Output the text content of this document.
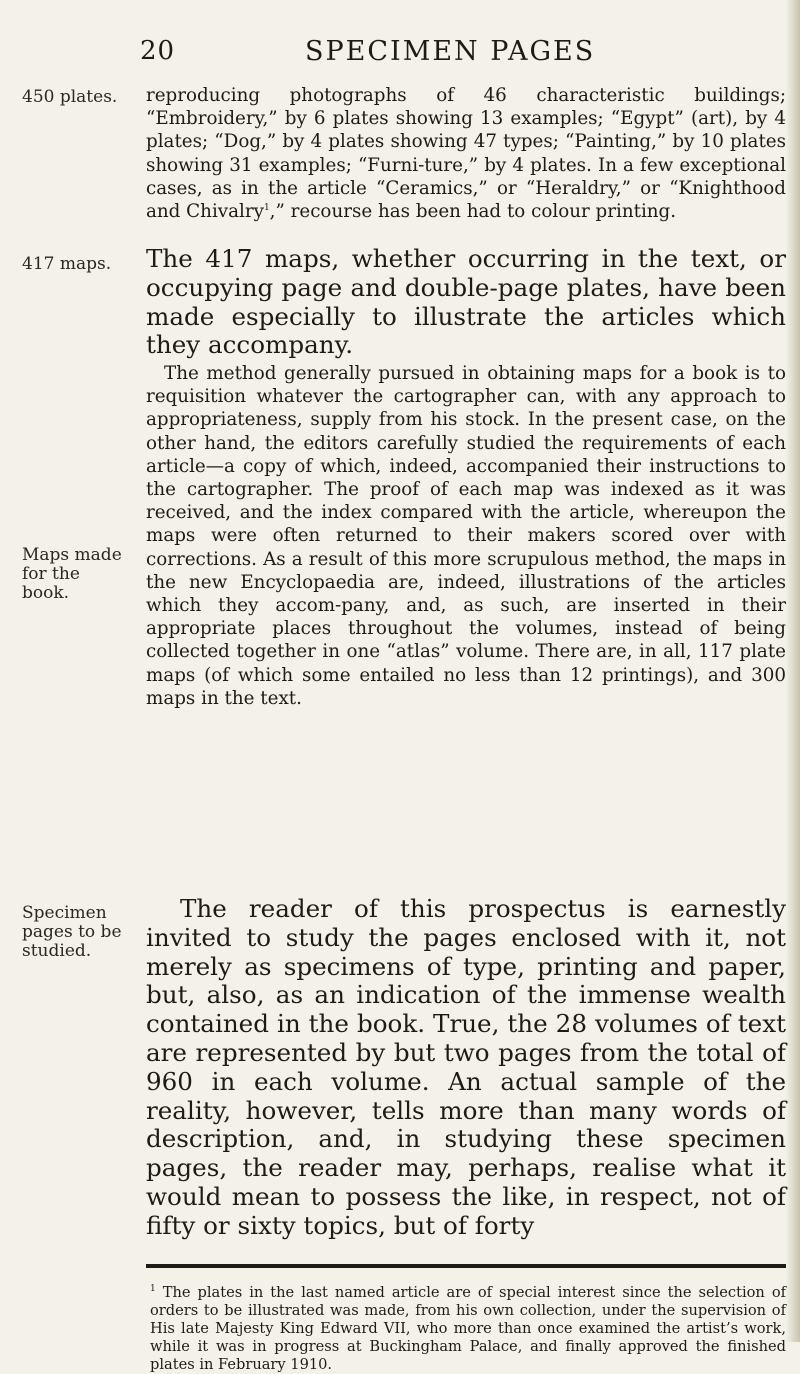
20	SPECIMEN PAGES
450 plates.
417 maps.
Maps made for the book.
Specimen pages to be studied.
reproducing photographs of 46 characteristic buildings; “Embroidery,” by 6 plates showing 13 examples; “Egypt” (art), by 4 plates; “Dog,” by 4 plates showing 47 types; “Painting,” by 10 plates showing 31 examples; “Furni-ture,” by 4 plates. In a few exceptional cases, as in the article “Ceramics,” or “Heraldry,” or “Knighthood and Chivalry$^1$,” recourse has been had to colour printing.
The 417 maps, whether occurring in the text, or occupying page and double-page plates, have been made especially to illustrate the articles which they accompany.
The method generally pursued in obtaining maps for a book is to requisition whatever the cartographer can, with any approach to appropriateness, supply from his stock. In the present case, on the other hand, the editors carefully studied the requirements of each article—a copy of which, indeed, accompanied their instructions to the cartographer. The proof of each map was indexed as it was received, and the index compared with the article, whereupon the maps were often returned to their makers scored over with corrections. As a result of this more scrupulous method, the maps in the new Encyclopaedia are, indeed, illustrations of the articles which they accom-pany, and, as such, are inserted in their appropriate places throughout the volumes, instead of being collected together in one “atlas” volume. There are, in all, 117 plate maps (of which some entailed no less than 12 printings), and 300 maps in the text.
The reader of this prospectus is earnestly invited to study the pages enclosed with it, not merely as specimens of type, printing and paper, but, also, as an indication of the immense wealth contained in the book. True, the 28 volumes of text are represented by but two pages from the total of 960 in each volume. An actual sample of the reality, however, tells more than many words of description, and, in studying these specimen pages, the reader may, perhaps, realise what it would mean to possess the like, in respect, not of fifty or sixty topics, but of forty
$^1$ The plates in the last named article are of special interest since the selection of orders to be illustrated was made, from his own collection, under the supervision of His late Majesty King Edward VII, who more than once examined the artist’s work, while it was in progress at Buckingham Palace, and finally approved the finished plates in February 1910.
